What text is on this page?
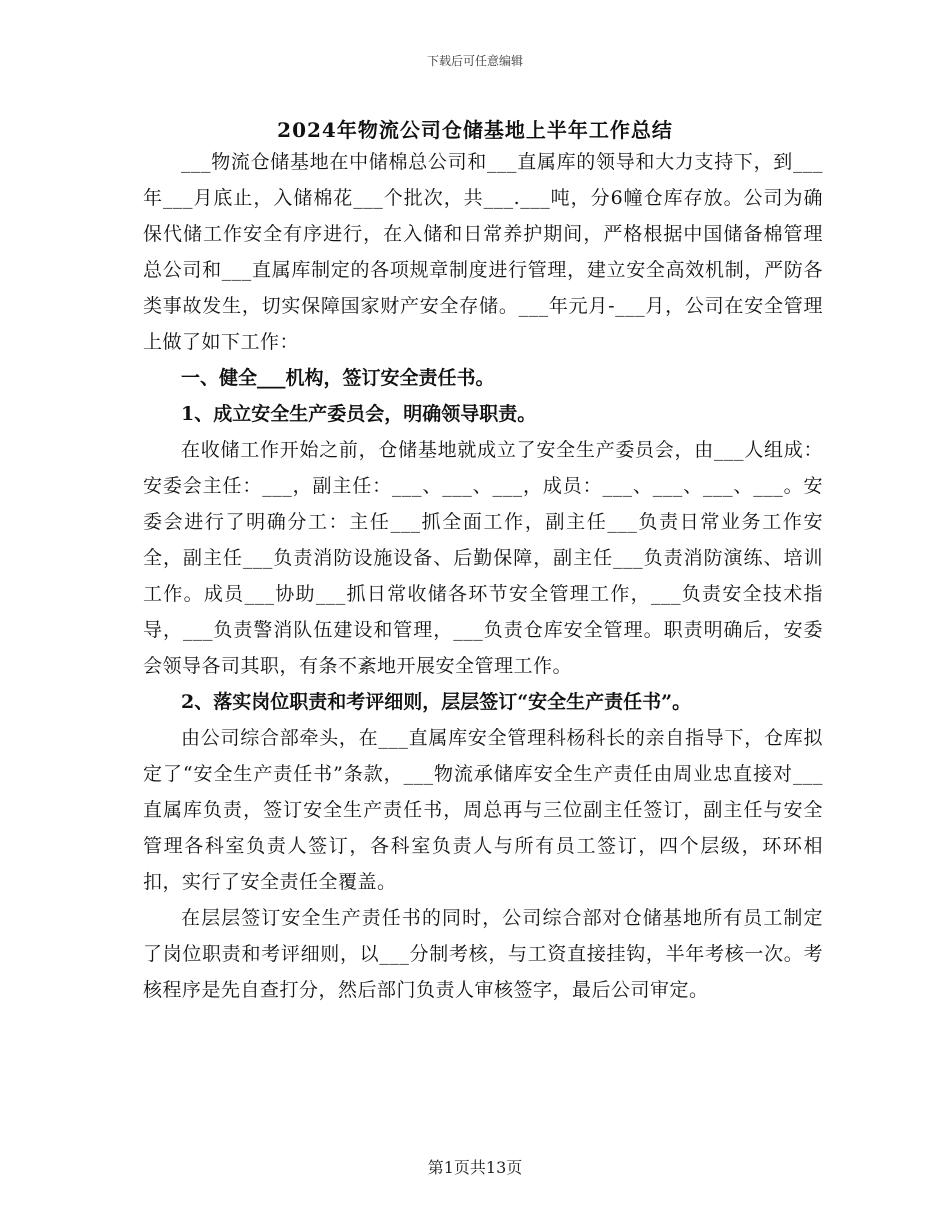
下载后可任意编辑
2024年物流公司仓储基地上半年工作总结

___物流仓储基地在中储棉总公司和___直属库的领导和大力支持下，到___年___月底止，入储棉花___个批次，共___.___吨，分6幢仓库存放。公司为确保代储工作安全有序进行，在入储和日常养护期间，严格根据中国储备棉管理总公司和___直属库制定的各项规章制度进行管理，建立安全高效机制，严防各类事故发生，切实保障国家财产安全存储。___年元月-___月，公司在安全管理上做了如下工作：

一、健全___机构，签订安全责任书。

1、成立安全生产委员会，明确领导职责。

在收储工作开始之前，仓储基地就成立了安全生产委员会，由___人组成：安委会主任：___，副主任：___、___、___，成员：___、___、___、___。安委会进行了明确分工：主任___抓全面工作，副主任___负责日常业务工作安全，副主任___负责消防设施设备、后勤保障，副主任___负责消防演练、培训工作。成员___协助___抓日常收储各环节安全管理工作，___负责安全技术指导，___负责警消队伍建设和管理，___负责仓库安全管理。职责明确后，安委会领导各司其职，有条不紊地开展安全管理工作。

2、落实岗位职责和考评细则，层层签订“安全生产责任书”。

由公司综合部牵头，在___直属库安全管理科杨科长的亲自指导下，仓库拟定了“安全生产责任书”条款，___物流承储库安全生产责任由周业忠直接对___直属库负责，签订安全生产责任书，周总再与三位副主任签订，副主任与安全管理各科室负责人签订，各科室负责人与所有员工签订，四个层级，环环相扣，实行了安全责任全覆盖。

在层层签订安全生产责任书的同时，公司综合部对仓储基地所有员工制定了岗位职责和考评细则，以___分制考核，与工资直接挂钩，半年考核一次。考核程序是先自查打分，然后部门负责人审核签字，最后公司审定。

第1页共13页
